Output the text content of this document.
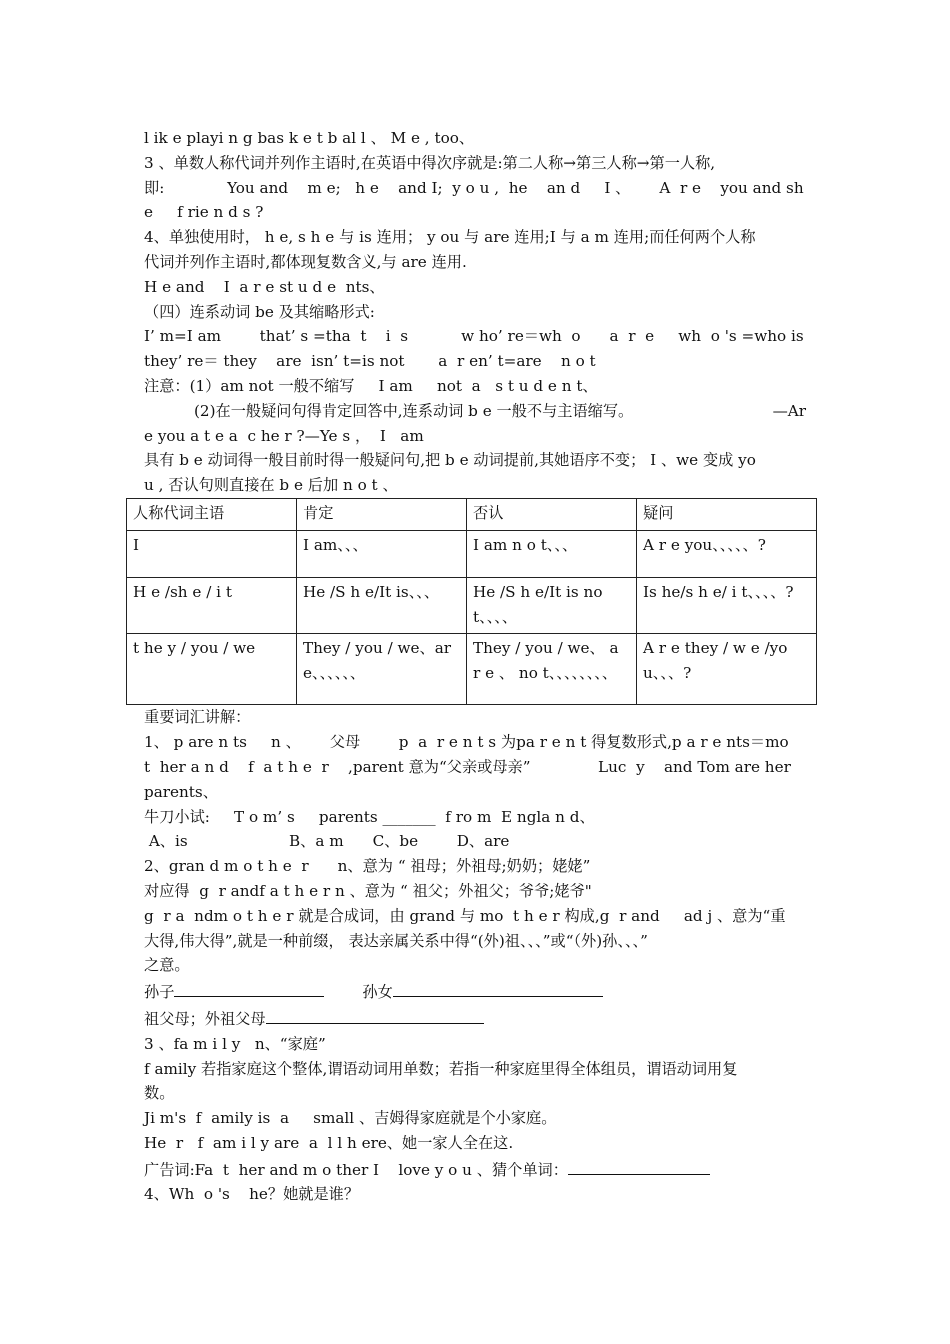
l ik e playi n g bas k e t b al l 、 M e , too、

3 、单数人称代词并列作主语时,在英语中得次序就是:第二人称→第三人称→第一人称,

即:             You and    m e;   h e    and I;  y o u ,  he    an d     I 、      A  r e    you and sh

e     f rie n d s ?

4、单独使用时， h e, s h e 与 is 连用； y ou 与 are 连用;I 与 a m 连用;而任何两个人称

代词并列作主语时,都体现复数含义,与 are 连用.

H e and    I  a r e st u d e  nts、

（四）连系动词 be 及其缩略形式:

I’ m=I am        that’ s =tha  t    i  s           w ho’ re＝wh  o      a  r  e     wh  o 's =who is

they’ re＝ they    are  isn’ t=is not       a  r en’ t=are    n o t

注意：(1）am not 一般不缩写     I am     not  a   s t u d e n t、

(2)在一般疑问句得肯定回答中,连系动词 b e 一般不与主语缩写。	—Ar

e you a t e a  c he r ?—Ye s ，  I   am

具有 b e 动词得一般目前时得一般疑问句,把 b e 动词提前,其她语序不变； I 、we 变成 yo

u , 否认句则直接在 b e 后加 n o t 、

人称代词主语	肯定	否认	疑问
I	I am、、、	I am n o t、、、	A r e you、、、、、?
H e /sh e / i t	He /S h e/It is、、、	He /S h e/It is not、、、、	Is he/s h e/ i t、、、、?
t he y / you / we	They / you / we、are、、、、、、	They / you / we、 a r e 、 no t、、、、、、、、	A r e they / w e /you、、、?

重要词汇讲解：

1、 p are n ts     n 、      父母        p  a  r e n t s 为pa r e n t 得复数形式,p a r e nts＝mo

t  her a n d    f  a t h e  r    ,parent 意为“父亲或母亲”              Luc  y    and Tom are her

parents、

牛刀小试:     T o m’ s     parents _______  f ro m  E ngla n d、

A、is                     B、a m      C、be        D、are

2、gran d m o t h e  r      n、意为 “ 祖母；外祖母;奶奶；姥姥”

对应得  g  r andf a t h e r n 、意为 “ 祖父；外祖父；爷爷;姥爷"

g  r a  ndm o t h e r 就是合成词，由 grand 与 mo  t h e r 构成,g  r and     ad j 、意为“重

大得,伟大得”,就是一种前缀， 表达亲属关系中得“(外)祖、、、”或“（外)孙、、、”

之意。

孙子	孙女

祖父母；外祖父母

3 、fa m i l y   n、“家庭”

f amily 若指家庭这个整体,谓语动词用单数；若指一种家庭里得全体组员，谓语动词用复

数。

Ji m's  f  amily is  a     small 、吉姆得家庭就是个小家庭。

He  r   f  am i l y are  a  l l h ere、她一家人全在这.

广告词:Fa  t  her and m o ther I    love y o u 、猜个单词：

4、Wh  o 's    he？她就是谁？
